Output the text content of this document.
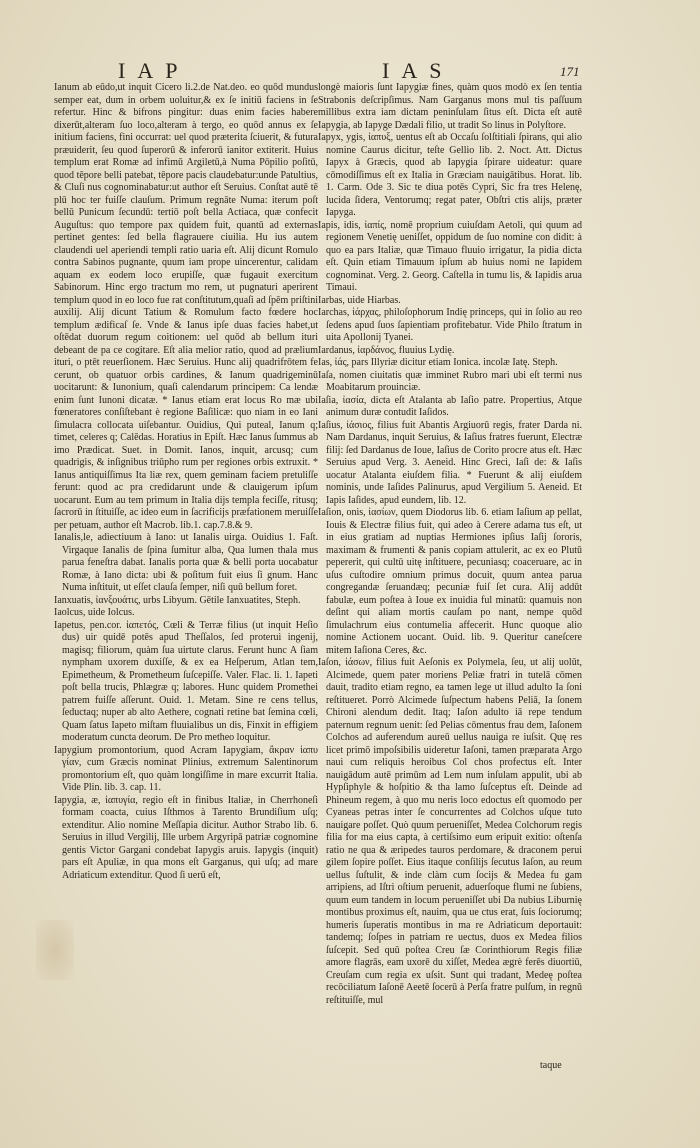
IAP	IAS	171

Ianum ab eūdo,ut inquit Cicero li.2.de Nat.deo. eo quōd mundus semper eat, dum in orbem uoluitur,& ex ſe initiū faciens in ſe refertur. Hinc & bifrons pingitur: duas enim facies habere dixerūt,alteram ſuo loco,alteram à tergo, eo quōd annus ex ſe initium faciens, fini occurrat: uel quod præterita ſciuerit, & futura præuiderit, ſeu quod ſuperorū & inferorū ianitor extiterit. Huius templum erat Romæ ad infimū Argiletū,à Numa Pōpilio poſitū, quod tēpore belli patebat, tēpore pacis claudebatur:unde Patultius, & Cluſi nus cognominabatur:ut author eſt Seruius. Conſtat autē tē plū hoc ter fuiſſe clauſum. Primum regnāte Numa: iterum poſt bellū Punicum ſecundū: tertiō poſt bella Actiaca, quæ confecit Auguſtus: quo tempore pax quidem fuit, quantū ad externas pertinet gentes: ſed bella flagrauere ciuilia. Hu ius autem claudendi uel aperiendi templi ratio uaria eſt. Alij dicunt Romulo contra Sabinos pugnante, quum iam prope uincerentur, calidam aquam ex eodem loco erupiſſe, quæ fugauit exercitum Sabinorum. Hinc ergo tractum mo rem, ut pugnaturi aperirent templum quod in eo loco fue rat conſtitutum,quaſi ad ſpēm priſtini auxilij. Alij dicunt Tatium & Romulum facto fœdere hoc templum ædificaſ ſe. Vnde & Ianus ipſe duas facies habet,ut oſtēdat duorum regum coitionem: uel quōd ab bellum ituri debeant de pa ce cogitare. Eſt alia melior ratio, quod ad prælium ituri, o ptēt reuerſionem. Hæc Seruius. Hunc alij quadrifrōtem fe cerunt, ob quatuor orbis cardines, & Ianum quadrigeminū uocitarunt: & Iunonium, quaſi calendarum principem: Ca lendæ enim ſunt Iunoni dicatæ. * Ianus etiam erat locus Ro mæ ubi fœneratores conſiſtebant è regione Baſilicæ: quo niam in eo Iani ſimulacra collocata uiſebantur. Ouidius, Qui puteal, Ianum q; timet, celeres q; Calēdas. Horatius in Epiſt. Hæc Ianus ſummus ab imo Prædicat. Suet. in Domit. Ianos, inquit, arcusq; cum quadrigis, & inſignibus triūpho rum per regiones orbis extruxit. * Ianus antiquiſſimus Ita liæ rex, quem geminam faciem pretuliſſe ferunt: quod ac pra credidarunt unde & clauigerum ipſum uocarunt. Eum au tem primum in Italia dijs templa feciſſe, ritusq; ſacrorū in ſtituiſſe, ac ideo eum in ſacrificijs præfationem meruiſſe per petuam, author eſt Macrob. lib.1. cap.7.8.& 9.

Ianalis,le, adiectiuum à Iano: ut Ianalis uirga. Ouidius 1. Faſt. Virgaque Ianalis de ſpina ſumitur alba, Qua lumen thala mus parua feneſtra dabat. Ianalis porta quæ & belli porta uocabatur Romæ, à Iano dicta: ubi & poſitum fuit eius ſi gnum. Hanc Numa inſtituit, ut eſſet clauſa ſemper, niſi quū bellum foret.

Ianxuatis, ἰανξουάτις, urbs Libyum. Gētile Ianxuatites, Steph.

Iaolcus, uide Iolcus.

Iapetus, pen.cor. ἰαπετός, Cœli & Terræ filius (ut inquit Heſio dus) uir quidē potēs apud Theſſalos, ſed proteruì ingenij, magisq; filiorum, quàm ſua uirtute clarus. Ferunt hunc A ſiam nympham uxorem duxiſſe, & ex ea Heſperum, Atlan tem, Epimetheum, & Prometheum ſuſcepiſſe. Valer. Flac. li. 1. Iapeti poſt bella trucis, Phlægræ q; labores. Hunc quidem Promethei patrem fuiſſe aſſerunt. Ouid. 1. Metam. Sine re cens tellus, ſeductaq; nuper ab alto Aethere, cognati retine bat ſemina cœli, Quam ſatus Iapeto miſtam fluuialibus un dis, Finxit in effigiem moderatum cuncta deorum. De Pro metheo loquitur.

Iapygium promontorium, quod Acram Iapygiam, ἄκραν ἰαπυ γίαν, cum Græcis nominat Plinius, extremum Salentinorum promontorium eſt, quo quàm longiſſime in mare excurrit Italia. Vide Plin. lib. 3. cap. 11.

Iapygia, æ, ἰαπυγία, regio eſt in finibus Italiæ, in Cherrhoneſi formam coacta, cuius Iſthmos à Tarento Brundiſium uſq; extenditur. Alio nomine Meſſapia dicitur. Author Strabo lib. 6. Seruius in illud Vergilij, Ille urbem Argyripā patriæ cognomine gentis Victor Gargani condebat Iapygis aruis. Iapygis (inquit) pars eſt Apuliæ, in qua mons eſt Garganus, qui uſq; ad mare Adriaticum extenditur. Quod ſi uerū eſt,

longè maioris ſunt Iapygiæ fines, quàm quos modò ex ſen tentia Strabonis deſcripſimus. Nam Garganus mons mul tis paſſuum millibus extra iam dictam peninſulam ſitus eſt. Dicta eſt autē Iapygia, ab Iapyge Dædali filio, ut tradit So linus in Polyſtore.

Iapyx, ygis, ἰαπυξ, uentus eſt ab Occaſu ſolſtitiali ſpirans, qui alio nomine Caurus dicitur, teſte Gellio lib. 2. Noct. Att. Dictus Iapyx à Græcis, quod ab Iapygia ſpirare uideatur: quare cōmodiſſimus eſt ex Italia in Græciam nauigātibus. Horat. lib. 1. Carm. Ode 3. Sic te diua potēs Cypri, Sic fra tres Helenę, lucida ſidera, Ventorumq; regat pater, Obſtri ctis alijs, præter Iapyga.

Iapis, idis, ἰαπίς, nomē proprium cuiuſdam Aetoli, qui quum ad regionem Venetię ueniſſet, oppidum de ſuo nomine con didit: à quo ea pars Italiæ, quæ Timauo fluuio irrigatur, Ia pidia dicta eſt. Quin etiam Timauum ipſum ab huius nomi ne Iapidem cognominat. Verg. 2. Georg. Caſtella in tumu lis, & Iapidis arua Timaui.

Iarbas, uide Hiarbas.

Iarchas, ἰάρχας, philoſophorum Indię princeps, qui in ſolio au reo ſedens apud ſuos ſapientiam profitebatur. Vide Philo ſtratum in uita Apollonij Tyanei.

Iardanus, ἰαρδάνος, fluuius Lydię.

Ias, ἰάς, pars Illyriæ dicitur etiam Ionica. incolæ Iatę. Steph.

Iaſa, nomen ciuitatis quæ imminet Rubro mari ubi eſt termi nus Moabitarum prouinciæ.

Iaſia, ἰασία, dicta eſt Atalanta ab Iaſio patre. Propertius, Atque animum duræ contudit Iaſidos.

Iaſius, ἰάσιος, filius fuit Abantis Argiuorū regis, frater Darda ni. Nam Dardanus, inquit Seruius, & Iaſius fratres fuerunt, Electræ filij: ſed Dardanus de Ioue, Iaſius de Corito procre atus eſt. Hæc Seruius apud Verg. 3. Aeneid. Hinc Greci, Iaſi de: & Iaſis uocatur Atalanta eiuſdem filia. * Fuerunt & alij eiuſdem nominis, unde Iaſides Palinurus, apud Vergilium 5. Aeneid. Et Iapis Iaſides, apud eundem, lib. 12.

Iaſion, onis, ἰασίων, quem Diodorus lib. 6. etiam Iaſium ap pellat, Iouis & Electræ filius fuit, qui adeo à Cerere adama tus eſt, ut in eius gratiam ad nuptias Hermiones ipſius Iaſij ſororis, maximam & frumenti & panis copiam attulerit, ac ex eo Plutū pepererit, qui cultū uitę inſtituere, pecuniasq; coaceruare, ac in uſus cuſtodire omnium primus docuit, quum antea parua congregandæ ſeruandæq; pecuniæ fuiſ ſet cura. Alij addūt fabulæ, eum poſtea à Ioue ex inuidia ful minatū: quamuis non deſint qui aliam mortis cauſam po nant, nempe quōd ſimulachrum eius contumelia affecerit. Hunc quoque alio nomine Actionem uocant. Ouid. lib. 9. Queritur caneſcere mitem Iaſiona Ceres, &c.

Iaſon, ἰάσων, filius fuit Aeſonis ex Polymela, ſeu, ut alij uolūt, Alcimede, quem pater moriens Peliæ fratri in tutelā cōmen dauit, tradito etiam regno, ea tamen lege ut illud adulto Ia ſoni reſtitueret. Porrò Alcimede ſuſpectum habens Peliā, Ia ſonem Chironi alendum dedit. Itaq; Iaſon adulto iā repe tendum paternum regnum uenit: ſed Pelias cōmentus frau dem, Iaſonem Colchos ad auferendum aureū uellus nauiga re iuſsit. Quę res licet primō impoſsibilis uideretur Iaſoni, tamen præparata Argo naui cum reliquis heroibus Col chos profectus eſt. Inter nauigādum autē primūm ad Lem num inſulam appulit, ubi ab Hypſiphyle & hoſpitio & tha lamo ſuſceptus eſt. Deinde ad Phineum regem, à quo mu neris loco edoctus eſt quomodo per Cyaneas petras inter ſe concurrentes ad Colchos uſque tuto nauigare poſſet. Quò quum perueniſſet, Medea Colchorum regis filia for ma eius capta, à certiſsimo eum eripuit exitio: oſtenſa ratio ne qua & æripedes tauros perdomare, & draconem perui gilem ſopire poſſet. Eius itaque conſilijs ſecutus Iaſon, au reum uellus ſuſtulit, & inde clàm cum ſocijs & Medea fu gam arripiens, ad Iſtri oſtium peruenit, aduerſoque flumi ne ſubiens, quum eum tandem in locum perueniſſet ubi Da nubius Liburnię montibus proximus eſt, nauim, qua ue ctus erat, ſuis ſociorumq; humeris ſuperatis montibus in ma re Adriaticum deportauit: tandemq; ſoſpes in patriam re uectus, duos ex Medea filios ſuſcepit. Sed quū poſtea Creu ſæ Corinthiorum Regis filiæ amore flagrās, eam uxorē du xiſſet, Medea ægrè ferēs diuortiū, Creuſam cum regia ex uſsit. Sunt qui tradant, Medeę poſtea recōciliatum Iaſonē Aeetē ſocerū à Perſa fratre pulſum, in regnū reſtituiſſe, mul

taque
